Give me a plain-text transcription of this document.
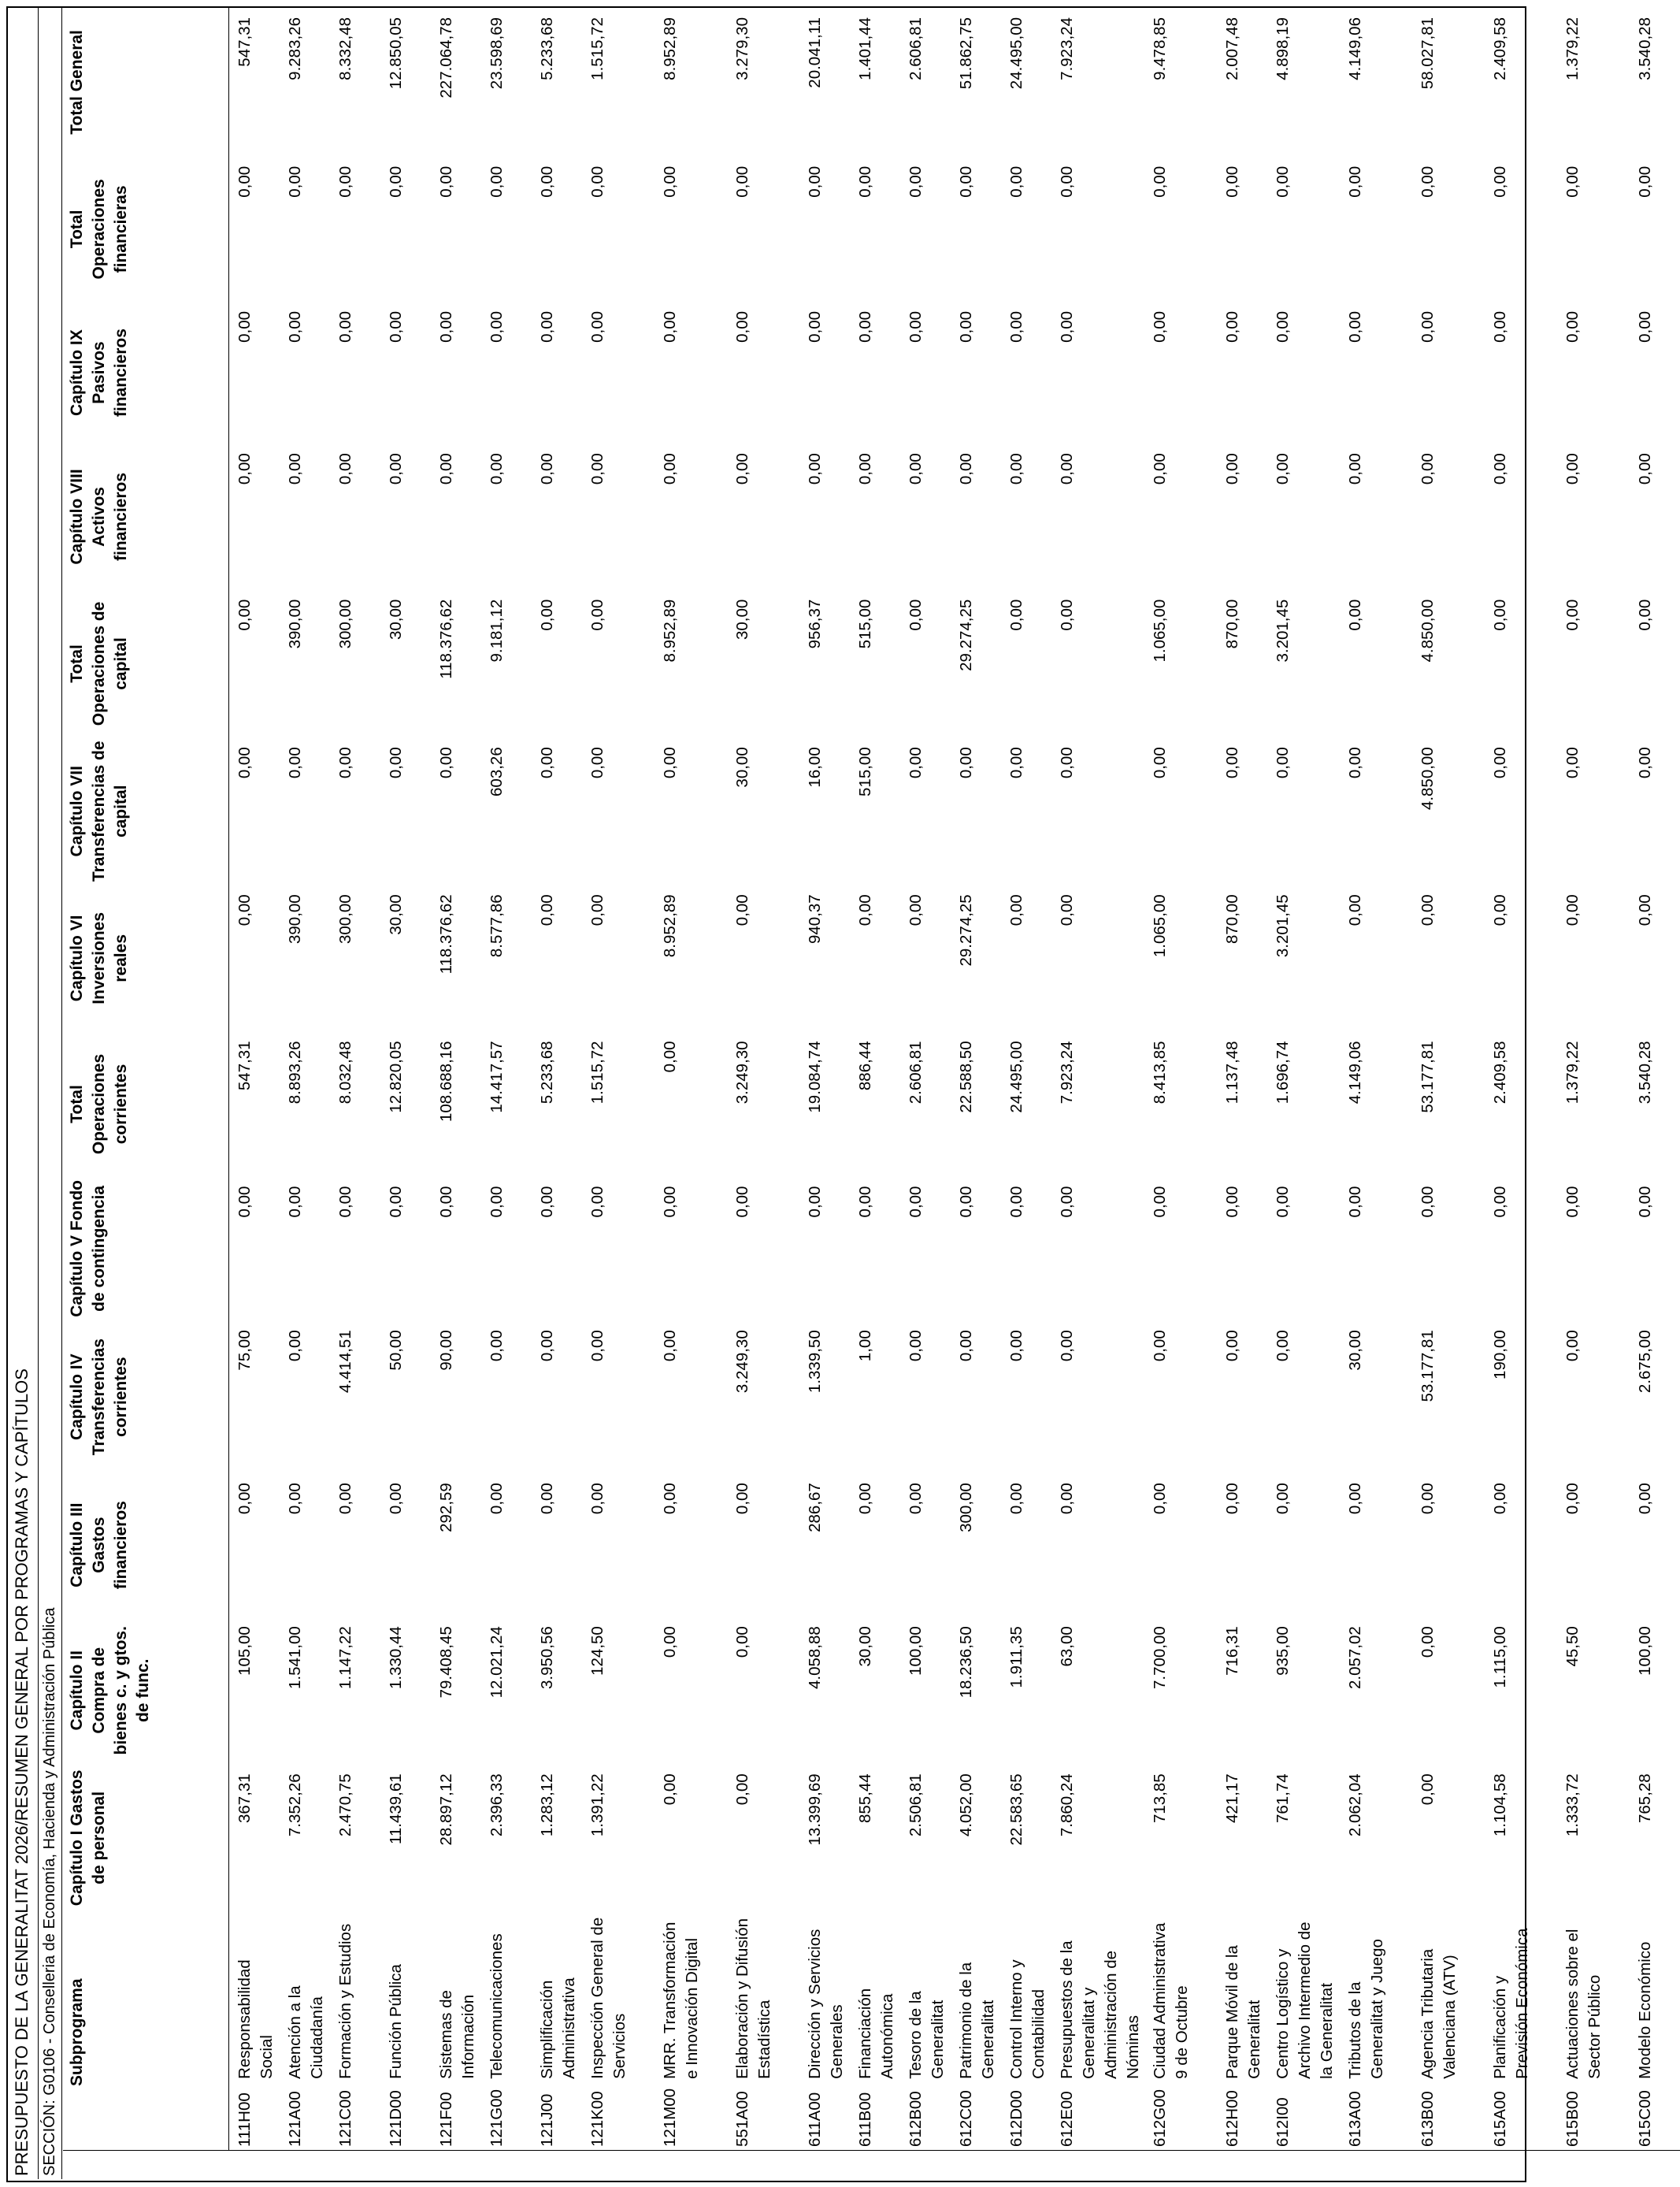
PRESUPUESTO DE LA GENERALITAT 2026/RESUMEN GENERAL POR PROGRAMAS Y CAPÍTULOS SECCIÓN: G0106 - Conselleria de Economía, Hacienda y Administración Pública Subprograma		Capítulo I Gastos de personal	Capítulo II Compra de bienes c. y gtos. de func.	Capítulo III Gastos financieros	Capítulo IV Transferencias corrientes	Capítulo V Fondo de contingencia	Total Operaciones corrientes	Capítulo VI Inversiones reales	Capítulo VII Transferencias de capital	Total Operaciones de capital	Capítulo VIII Activos financieros	Capítulo IX Pasivos financieros	Total Operaciones financieras	Total General
111H00	Responsabilidad Social	367,31	105,00	0,00	75,00	0,00	547,31	0,00	0,00	0,00	0,00	0,00	0,00	547,31
121A00	Atención a la Ciudadanía	7.352,26	1.541,00	0,00	0,00	0,00	8.893,26	390,00	0,00	390,00	0,00	0,00	0,00	9.283,26
121C00	Formación y Estudios	2.470,75	1.147,22	0,00	4.414,51	0,00	8.032,48	300,00	0,00	300,00	0,00	0,00	0,00	8.332,48
121D00	Función Pública	11.439,61	1.330,44	0,00	50,00	0,00	12.820,05	30,00	0,00	30,00	0,00	0,00	0,00	12.850,05
121F00	Sistemas de Información	28.897,12	79.408,45	292,59	90,00	0,00	108.688,16	118.376,62	0,00	118.376,62	0,00	0,00	0,00	227.064,78
121G00	Telecomunicaciones	2.396,33	12.021,24	0,00	0,00	0,00	14.417,57	8.577,86	603,26	9.181,12	0,00	0,00	0,00	23.598,69
121J00	Simplificación Administrativa	1.283,12	3.950,56	0,00	0,00	0,00	5.233,68	0,00	0,00	0,00	0,00	0,00	0,00	5.233,68
121K00	Inspección General de Servicios	1.391,22	124,50	0,00	0,00	0,00	1.515,72	0,00	0,00	0,00	0,00	0,00	0,00	1.515,72
121M00	MRR. Transformación e Innovación Digital	0,00	0,00	0,00	0,00	0,00	0,00	8.952,89	0,00	8.952,89	0,00	0,00	0,00	8.952,89
551A00	Elaboración y Difusión Estadística	0,00	0,00	0,00	3.249,30	0,00	3.249,30	0,00	30,00	30,00	0,00	0,00	0,00	3.279,30
611A00	Dirección y Servicios Generales	13.399,69	4.058,88	286,67	1.339,50	0,00	19.084,74	940,37	16,00	956,37	0,00	0,00	0,00	20.041,11
611B00	Financiación Autonómica	855,44	30,00	0,00	1,00	0,00	886,44	0,00	515,00	515,00	0,00	0,00	0,00	1.401,44
612B00	Tesoro de la Generalitat	2.506,81	100,00	0,00	0,00	0,00	2.606,81	0,00	0,00	0,00	0,00	0,00	0,00	2.606,81
612C00	Patrimonio de la Generalitat	4.052,00	18.236,50	300,00	0,00	0,00	22.588,50	29.274,25	0,00	29.274,25	0,00	0,00	0,00	51.862,75
612D00	Control Interno y Contabilidad	22.583,65	1.911,35	0,00	0,00	0,00	24.495,00	0,00	0,00	0,00	0,00	0,00	0,00	24.495,00
612E00	Presupuestos de la Generalitat y Administración de Nóminas	7.860,24	63,00	0,00	0,00	0,00	7.923,24	0,00	0,00	0,00	0,00	0,00	0,00	7.923,24
612G00	Ciudad Administrativa 9 de Octubre	713,85	7.700,00	0,00	0,00	0,00	8.413,85	1.065,00	0,00	1.065,00	0,00	0,00	0,00	9.478,85
612H00	Parque Móvil de la Generalitat	421,17	716,31	0,00	0,00	0,00	1.137,48	870,00	0,00	870,00	0,00	0,00	0,00	2.007,48
612I00	Centro Logístico y Archivo Intermedio de la Generalitat	761,74	935,00	0,00	0,00	0,00	1.696,74	3.201,45	0,00	3.201,45	0,00	0,00	0,00	4.898,19
613A00	Tributos de la Generalitat y Juego	2.062,04	2.057,02	0,00	30,00	0,00	4.149,06	0,00	0,00	0,00	0,00	0,00	0,00	4.149,06
613B00	Agencia Tributaria Valenciana (ATV)	0,00	0,00	0,00	53.177,81	0,00	53.177,81	0,00	4.850,00	4.850,00	0,00	0,00	0,00	58.027,81
615A00	Planificación y Previsión Económica	1.104,58	1.115,00	0,00	190,00	0,00	2.409,58	0,00	0,00	0,00	0,00	0,00	0,00	2.409,58
615B00	Actuaciones sobre el Sector Público	1.333,72	45,50	0,00	0,00	0,00	1.379,22	0,00	0,00	0,00	0,00	0,00	0,00	1.379,22
615C00	Modelo Económico	765,28	100,00	0,00	2.675,00	0,00	3.540,28	0,00	0,00	0,00	0,00	0,00	0,00	3.540,28
